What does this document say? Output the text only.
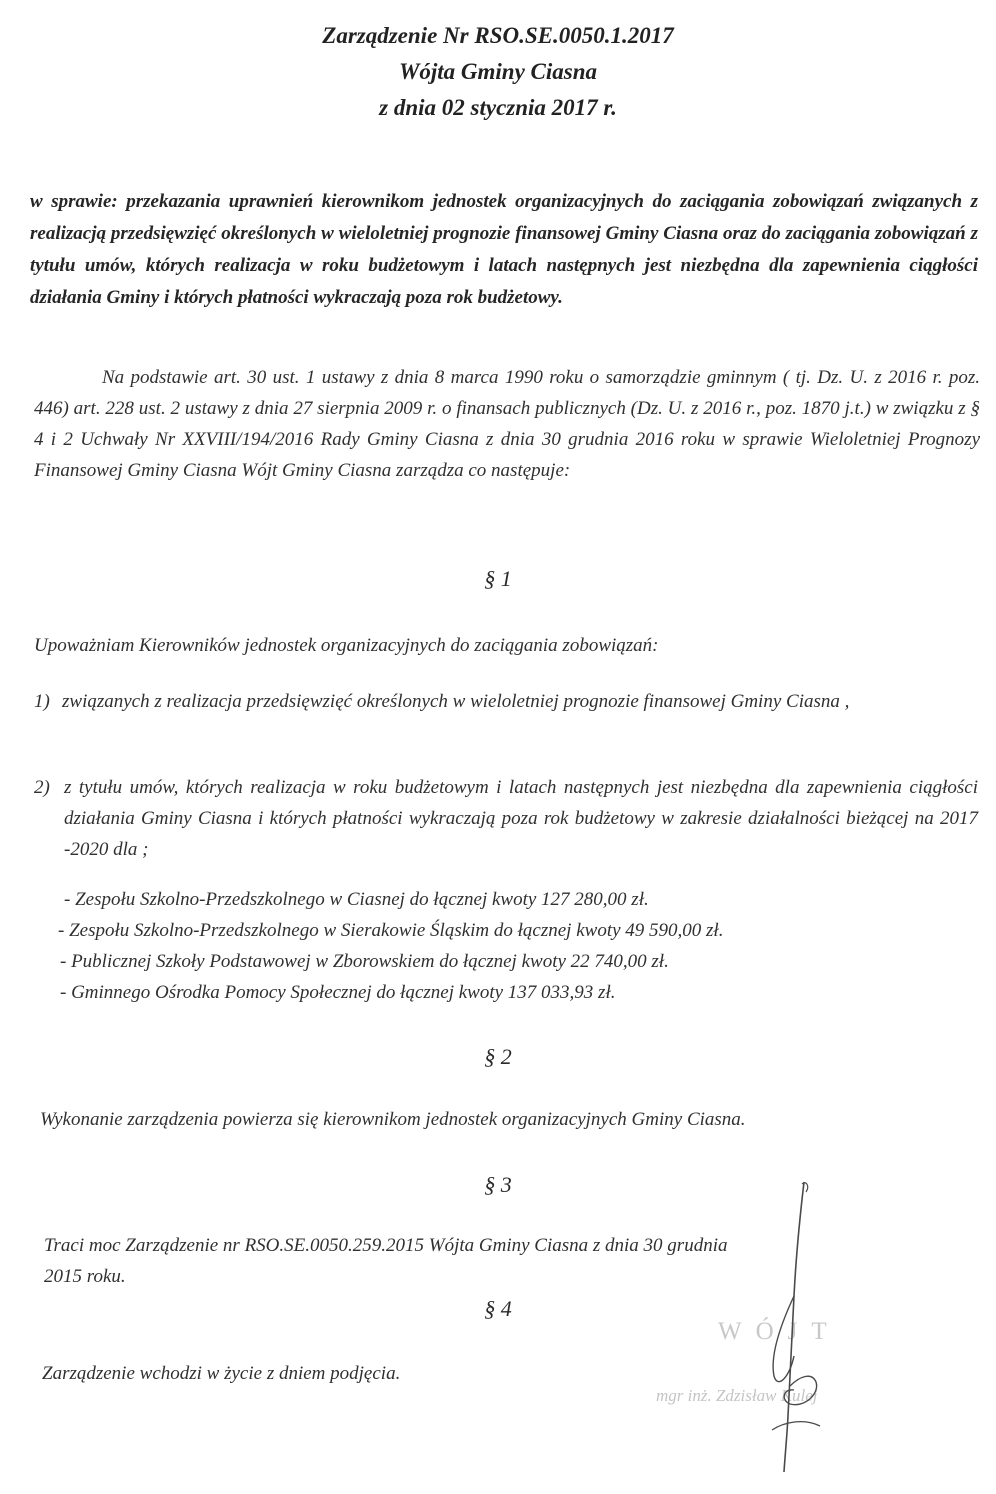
Zarządzenie Nr RSO.SE.0050.1.2017
Wójta Gminy Ciasna
z dnia 02 stycznia 2017 r.
w sprawie: przekazania uprawnień kierownikom jednostek organizacyjnych do zaciągania zobowiązań związanych z realizacją przedsięwzięć określonych w wieloletniej prognozie finansowej Gminy Ciasna oraz do zaciągania zobowiązań z tytułu umów, których realizacja w roku budżetowym i latach następnych jest niezbędna dla zapewnienia ciągłości działania Gminy i których płatności wykraczają poza rok budżetowy.
Na podstawie art. 30 ust. 1 ustawy z dnia 8 marca 1990 roku o samorządzie gminnym ( tj. Dz. U. z 2016 r. poz. 446) art. 228 ust. 2 ustawy z dnia 27 sierpnia 2009 r. o finansach publicznych (Dz. U. z 2016 r., poz. 1870 j.t.) w związku z § 4 i 2 Uchwały Nr XXVIII/194/2016 Rady Gminy Ciasna z dnia 30 grudnia 2016 roku w sprawie Wieloletniej Prognozy Finansowej Gminy Ciasna Wójt Gminy Ciasna zarządza co następuje:
§ 1
Upoważniam Kierowników jednostek organizacyjnych do zaciągania zobowiązań:
1) związanych z realizacja przedsięwzięć określonych w wieloletniej prognozie finansowej Gminy Ciasna ,
2) z tytułu umów, których realizacja w roku budżetowym i latach następnych jest niezbędna dla zapewnienia ciągłości działania Gminy Ciasna i których płatności wykraczają poza rok budżetowy w zakresie działalności bieżącej na 2017 -2020 dla ;
- Zespołu Szkolno-Przedszkolnego w Ciasnej do łącznej kwoty 127 280,00 zł.
- Zespołu Szkolno-Przedszkolnego w Sierakowie Śląskim do łącznej kwoty 49 590,00 zł.
- Publicznej Szkoły Podstawowej w Zborowskiem do łącznej kwoty 22 740,00 zł.
- Gminnego Ośrodka Pomocy Społecznej do łącznej kwoty 137 033,93 zł.
§ 2
Wykonanie zarządzenia powierza się kierownikom jednostek organizacyjnych Gminy Ciasna.
§ 3
Traci moc Zarządzenie nr RSO.SE.0050.259.2015 Wójta Gminy Ciasna z dnia 30 grudnia
2015 roku.
§ 4
Zarządzenie wchodzi w życie z dniem podjęcia.
WÓJT
mgr inż. Zdzisław Kulej
